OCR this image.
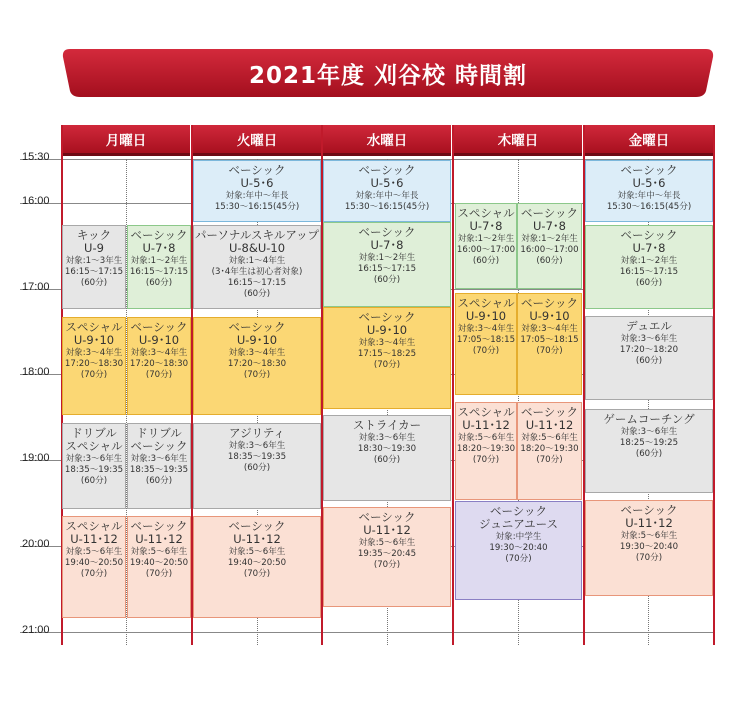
2021年度 刈谷校 時間割
月曜日	火曜日	水曜日	木曜日	金曜日
15:30
16:00
17:00
18:00
19:00
20:00
21:00
キック
U-9
対象:1〜3年生
16:15〜17:15
(60分)
ベーシック
U-7･8
対象:1〜2年生
16:15〜17:15
(60分)
スペシャル
U-9･10
対象:3〜4年生
17:20〜18:30
(70分)
ベーシック
U-9･10
対象:3〜4年生
17:20〜18:30
(70分)
ドリブル
スペシャル
対象:3〜6年生
18:35〜19:35
(60分)
ドリブル
ベーシック
対象:3〜6年生
18:35〜19:35
(60分)
スペシャル
U-11･12
対象:5〜6年生
19:40〜20:50
(70分)
ベーシック
U-11･12
対象:5〜6年生
19:40〜20:50
(70分)
ベーシック
U-5･6
対象:年中〜年長
15:30〜16:15(45分)
パーソナルスキルアップ
U-8&U-10
対象:1〜4年生
(3･4年生は初心者対象)
16:15〜17:15
(60分)
ベーシック
U-9･10
対象:3〜4年生
17:20〜18:30
(70分)
アジリティ
対象:3〜6年生
18:35〜19:35
(60分)
ベーシック
U-11･12
対象:5〜6年生
19:40〜20:50
(70分)
ベーシック
U-5･6
対象:年中〜年長
15:30〜16:15(45分)
ベーシック
U-7･8
対象:1〜2年生
16:15〜17:15
(60分)
ベーシック
U-9･10
対象:3〜4年生
17:15〜18:25
(70分)
ストライカー
対象:3〜6年生
18:30〜19:30
(60分)
ベーシック
U-11･12
対象:5〜6年生
19:35〜20:45
(70分)
スペシャル
U-7･8
対象:1〜2年生
16:00〜17:00
(60分)
ベーシック
U-7･8
対象:1〜2年生
16:00〜17:00
(60分)
スペシャル
U-9･10
対象:3〜4年生
17:05〜18:15
(70分)
ベーシック
U-9･10
対象:3〜4年生
17:05〜18:15
(70分)
スペシャル
U-11･12
対象:5〜6年生
18:20〜19:30
(70分)
ベーシック
U-11･12
対象:5〜6年生
18:20〜19:30
(70分)
ベーシック
ジュニアユース
対象:中学生
19:30〜20:40
(70分)
ベーシック
U-5･6
対象:年中〜年長
15:30〜16:15(45分)
ベーシック
U-7･8
対象:1〜2年生
16:15〜17:15
(60分)
デュエル
対象:3〜6年生
17:20〜18:20
(60分)
ゲームコーチング
対象:3〜6年生
18:25〜19:25
(60分)
ベーシック
U-11･12
対象:5〜6年生
19:30〜20:40
(70分)
